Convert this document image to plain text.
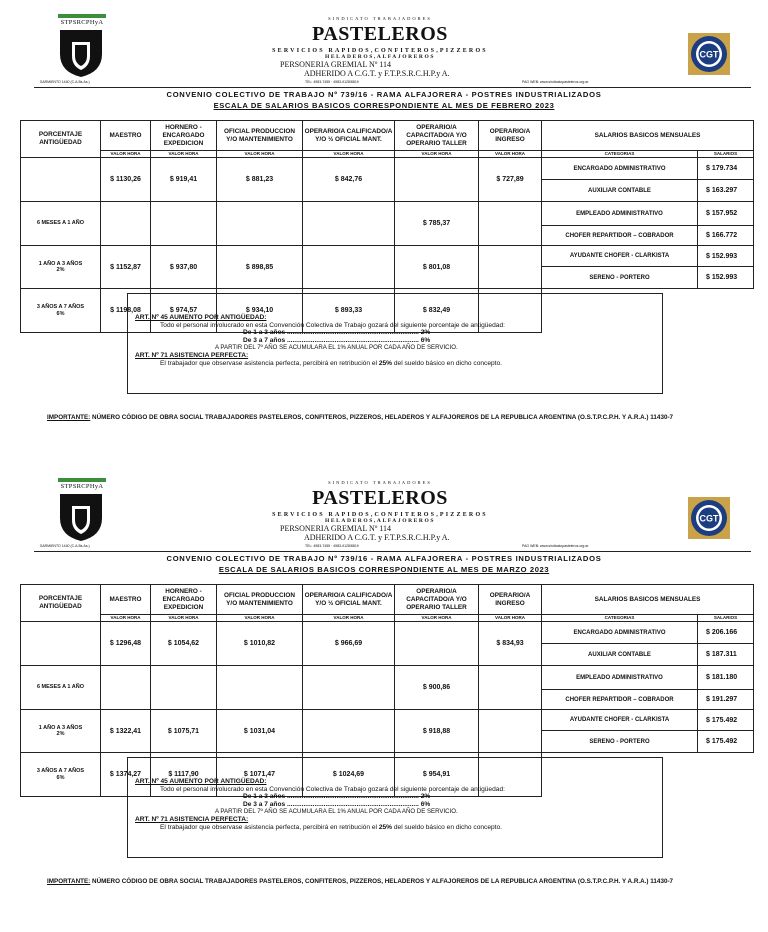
STPSRCPHyA
SARMIENTO 1440 (C.A.Bs.As.)
SINDICATO TRABAJADORES
PASTELEROS
SERVICIOS RAPIDOS,CONFITEROS,PIZZEROS
HELADEROS,ALFAJOREROS
PERSONERIA GREMIAL Nº 114
ADHERIDO A C.G.T. y F.T.P.S.R.C.H.P.y A.
TEL: 4983-7455 · 4983-9128/8819	PAG WEB: www.sindicatopasteleros.org.ar
CGT
CONVENIO COLECTIVO DE TRABAJO Nº 739/16 - RAMA ALFAJORERA - POSTRES INDUSTRIALIZADOS
ESCALA DE SALARIOS BASICOS CORRESPONDIENTE AL MES DE FEBRERO 2023
PORCENTAJE ANTIGÜEDAD	MAESTRO	HORNERO - ENCARGADO EXPEDICION	OFICIAL PRODUCCION Y/O MANTENIMIENTO	OPERARIO/A CALIFICADO/A Y/O ½ OFICIAL MANT.	OPERARIO/A CAPACITADO/A Y/O OPERARIO TALLER	OPERARIO/A INGRESO	SALARIOS BASICOS MENSUALES	
	VALOR HORA	VALOR HORA	VALOR HORA	VALOR HORA	VALOR HORA	VALOR HORA	CATEGORIAS	SALARIOS
	$ 1130,26	$ 919,41	$ 881,23	$ 842,76		$ 727,89	ENCARGADO ADMINISTRATIVO	$ 179.734
							AUXILIAR CONTABLE	$ 163.297
6 MESES A 1 AÑO					$ 785,37		EMPLEADO ADMINISTRATIVO	$ 157.952
							CHOFER REPARTIDOR – COBRADOR	$ 166.772
1 AÑO A 3 AÑOS
2%	$ 1152,87	$ 937,80	$ 898,85		$ 801,08		AYUDANTE CHOFER - CLARKISTA	$ 152.993
							SERENO - PORTERO	$ 152.993
3 AÑOS A 7 AÑOS
6%	$ 1198,08	$ 974,57	$ 934,10	$ 893,33	$ 832,49			

ART. Nº 45 AUMENTO POR ANTIGÜEDAD:
Todo el personal involucrado en esta Convención Colectiva de Trabajo gozará del siguiente porcentaje de antigüedad:
De 1 a 3 años ........................................................................ 2%
De 3 a 7 años ........................................................................ 6%
A PARTIR DEL 7º AÑO SE ACUMULARA EL 1% ANUAL POR CADA AÑO DE SERVICIO.
ART. Nº 71 ASISTENCIA PERFECTA:
El trabajador que observase asistencia perfecta, percibirá en retribución el 25% del sueldo básico en dicho concepto.
IMPORTANTE: NÚMERO CÓDIGO DE OBRA SOCIAL TRABAJADORES PASTELEROS, CONFITEROS, PIZZEROS, HELADEROS Y ALFAJOREROS DE LA REPUBLICA ARGENTINA (O.S.T.P.C.P.H. Y A.R.A.) 11430-7
STPSRCPHyA
SARMIENTO 1440 (C.A.Bs.As.)
SINDICATO TRABAJADORES
PASTELEROS
SERVICIOS RAPIDOS,CONFITEROS,PIZZEROS
HELADEROS,ALFAJOREROS
PERSONERIA GREMIAL Nº 114
ADHERIDO A C.G.T. y F.T.P.S.R.C.H.P.y A.
TEL: 4983-7455 · 4983-9128/8819	PAG WEB: www.sindicatopasteleros.org.ar
CGT
CONVENIO COLECTIVO DE TRABAJO Nº 739/16 - RAMA ALFAJORERA - POSTRES INDUSTRIALIZADOS
ESCALA DE SALARIOS BASICOS CORRESPONDIENTE AL MES DE MARZO 2023
PORCENTAJE ANTIGÜEDAD	MAESTRO	HORNERO - ENCARGADO EXPEDICION	OFICIAL PRODUCCION Y/O MANTENIMIENTO	OPERARIO/A CALIFICADO/A Y/O ½ OFICIAL MANT.	OPERARIO/A CAPACITADO/A Y/O OPERARIO TALLER	OPERARIO/A INGRESO	SALARIOS BASICOS MENSUALES	
	VALOR HORA	VALOR HORA	VALOR HORA	VALOR HORA	VALOR HORA	VALOR HORA	CATEGORIAS	SALARIOS
	$ 1296,48	$ 1054,62	$ 1010,82	$ 966,69		$ 834,93	ENCARGADO ADMINISTRATIVO	$ 206.166
							AUXILIAR CONTABLE	$ 187.311
6 MESES A 1 AÑO					$ 900,86		EMPLEADO ADMINISTRATIVO	$ 181.180
							CHOFER REPARTIDOR – COBRADOR	$ 191.297
1 AÑO A 3 AÑOS
2%	$ 1322,41	$ 1075,71	$ 1031,04		$ 918,88		AYUDANTE CHOFER - CLARKISTA	$ 175.492
							SERENO - PORTERO	$ 175.492
3 AÑOS A 7 AÑOS
6%	$ 1374,27	$ 1117,90	$ 1071,47	$ 1024,69	$ 954,91			

ART. Nº 45 AUMENTO POR ANTIGÜEDAD:
Todo el personal involucrado en esta Convención Colectiva de Trabajo gozará del siguiente porcentaje de antigüedad:
De 1 a 3 años ........................................................................ 2%
De 3 a 7 años ........................................................................ 6%
A PARTIR DEL 7º AÑO SE ACUMULARA EL 1% ANUAL POR CADA AÑO DE SERVICIO.
ART. Nº 71 ASISTENCIA PERFECTA:
El trabajador que observase asistencia perfecta, percibirá en retribución el 25% del sueldo básico en dicho concepto.
IMPORTANTE: NÚMERO CÓDIGO DE OBRA SOCIAL TRABAJADORES PASTELEROS, CONFITEROS, PIZZEROS, HELADEROS Y ALFAJOREROS DE LA REPUBLICA ARGENTINA (O.S.T.P.C.P.H. Y A.R.A.) 11430-7
